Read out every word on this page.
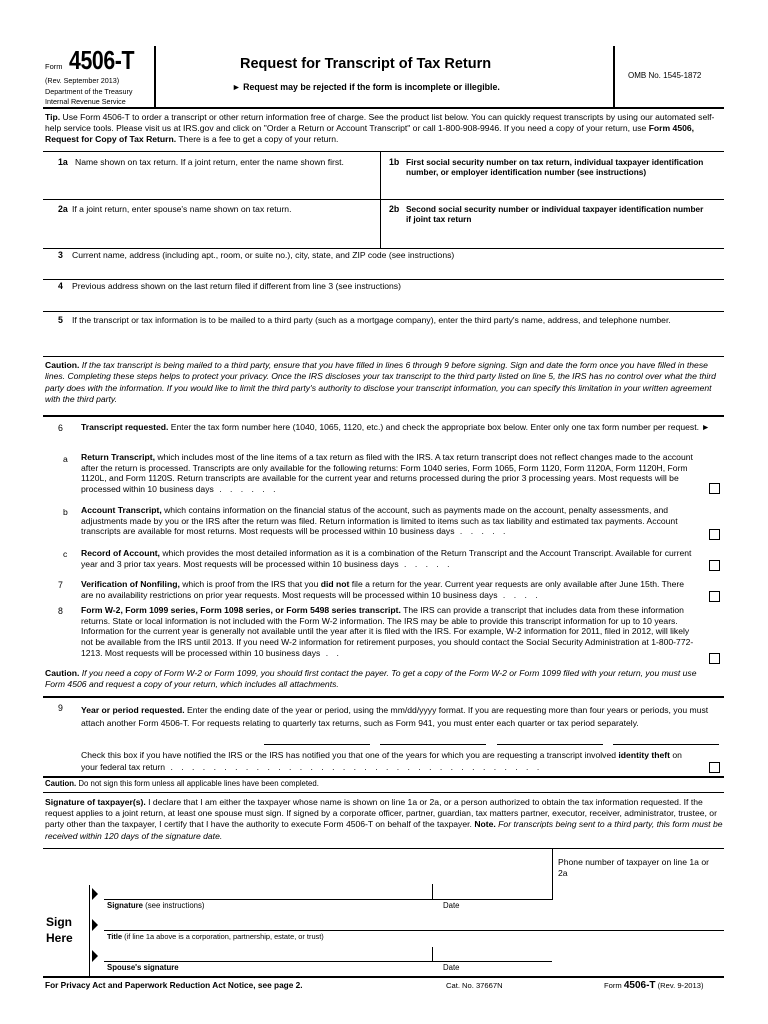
Form 4506-T
(Rev. September 2013)
Department of the Treasury
Internal Revenue Service
Request for Transcript of Tax Return
► Request may be rejected if the form is incomplete or illegible.
OMB No. 1545-1872
Tip. Use Form 4506-T to order a transcript or other return information free of charge. See the product list below. You can quickly request transcripts by using our automated self-help service tools. Please visit us at IRS.gov and click on "Order a Return or Account Transcript" or call 1-800-908-9946. If you need a copy of your return, use Form 4506, Request for Copy of Tax Return. There is a fee to get a copy of your return.
1a Name shown on tax return. If a joint return, enter the name shown first.	1b First social security number on tax return, individual taxpayer identification number, or employer identification number (see instructions)
2a If a joint return, enter spouse's name shown on tax return.	2b Second social security number or individual taxpayer identification number if joint tax return
3 Current name, address (including apt., room, or suite no.), city, state, and ZIP code (see instructions)
4 Previous address shown on the last return filed if different from line 3 (see instructions)
5 If the transcript or tax information is to be mailed to a third party (such as a mortgage company), enter the third party's name, address, and telephone number.
Caution. If the tax transcript is being mailed to a third party, ensure that you have filled in lines 6 through 9 before signing. Sign and date the form once you have filled in these lines. Completing these steps helps to protect your privacy. Once the IRS discloses your tax transcript to the third party listed on line 5, the IRS has no control over what the third party does with the information. If you would like to limit the third party's authority to disclose your transcript information, you can specify this limitation in your written agreement with the third party.
6 Transcript requested. Enter the tax form number here (1040, 1065, 1120, etc.) and check the appropriate box below. Enter only one tax form number per request. ►
a Return Transcript, which includes most of the line items of a tax return as filed with the IRS. A tax return transcript does not reflect changes made to the account after the return is processed. Transcripts are only available for the following returns: Form 1040 series, Form 1065, Form 1120, Form 1120A, Form 1120H, Form 1120L, and Form 1120S. Return transcripts are available for the current year and returns processed during the prior 3 processing years. Most requests will be processed within 10 business days . . . . . .
b Account Transcript, which contains information on the financial status of the account, such as payments made on the account, penalty assessments, and adjustments made by you or the IRS after the return was filed. Return information is limited to items such as tax liability and estimated tax payments. Account transcripts are available for most returns. Most requests will be processed within 10 business days . . . . .
c Record of Account, which provides the most detailed information as it is a combination of the Return Transcript and the Account Transcript. Available for current year and 3 prior tax years. Most requests will be processed within 10 business days . . . . .
7 Verification of Nonfiling, which is proof from the IRS that you did not file a return for the year. Current year requests are only available after June 15th. There are no availability restrictions on prior year requests. Most requests will be processed within 10 business days . . . .
8 Form W-2, Form 1099 series, Form 1098 series, or Form 5498 series transcript. The IRS can provide a transcript that includes data from these information returns. State or local information is not included with the Form W-2 information. The IRS may be able to provide this transcript information for up to 10 years. Information for the current year is generally not available until the year after it is filed with the IRS. For example, W-2 information for 2011, filed in 2012, will likely not be available from the IRS until 2013. If you need W-2 information for retirement purposes, you should contact the Social Security Administration at 1-800-772-1213. Most requests will be processed within 10 business days . .
Caution. If you need a copy of Form W-2 or Form 1099, you should first contact the payer. To get a copy of the Form W-2 or Form 1099 filed with your return, you must use Form 4506 and request a copy of your return, which includes all attachments.
9 Year or period requested. Enter the ending date of the year or period, using the mm/dd/yyyy format. If you are requesting more than four years or periods, you must attach another Form 4506-T. For requests relating to quarterly tax returns, such as Form 941, you must enter each quarter or tax period separately.
Check this box if you have notified the IRS or the IRS has notified you that one of the years for which you are requesting a transcript involved identity theft on your federal tax return . . . . . . . . . . . . . . . . . . . . . . . . . . . . . . . . . . .
Caution. Do not sign this form unless all applicable lines have been completed.
Signature of taxpayer(s). I declare that I am either the taxpayer whose name is shown on line 1a or 2a, or a person authorized to obtain the tax information requested. If the request applies to a joint return, at least one spouse must sign. If signed by a corporate officer, partner, guardian, tax matters partner, executor, receiver, administrator, trustee, or party other than the taxpayer, I certify that I have the authority to execute Form 4506-T on behalf of the taxpayer. Note. For transcripts being sent to a third party, this form must be received within 120 days of the signature date.
Phone number of taxpayer on line 1a or 2a
Sign
Here
Signature (see instructions)	Date
Title (if line 1a above is a corporation, partnership, estate, or trust)
Spouse's signature	Date
For Privacy Act and Paperwork Reduction Act Notice, see page 2.	Cat. No. 37667N	Form 4506-T (Rev. 9-2013)
